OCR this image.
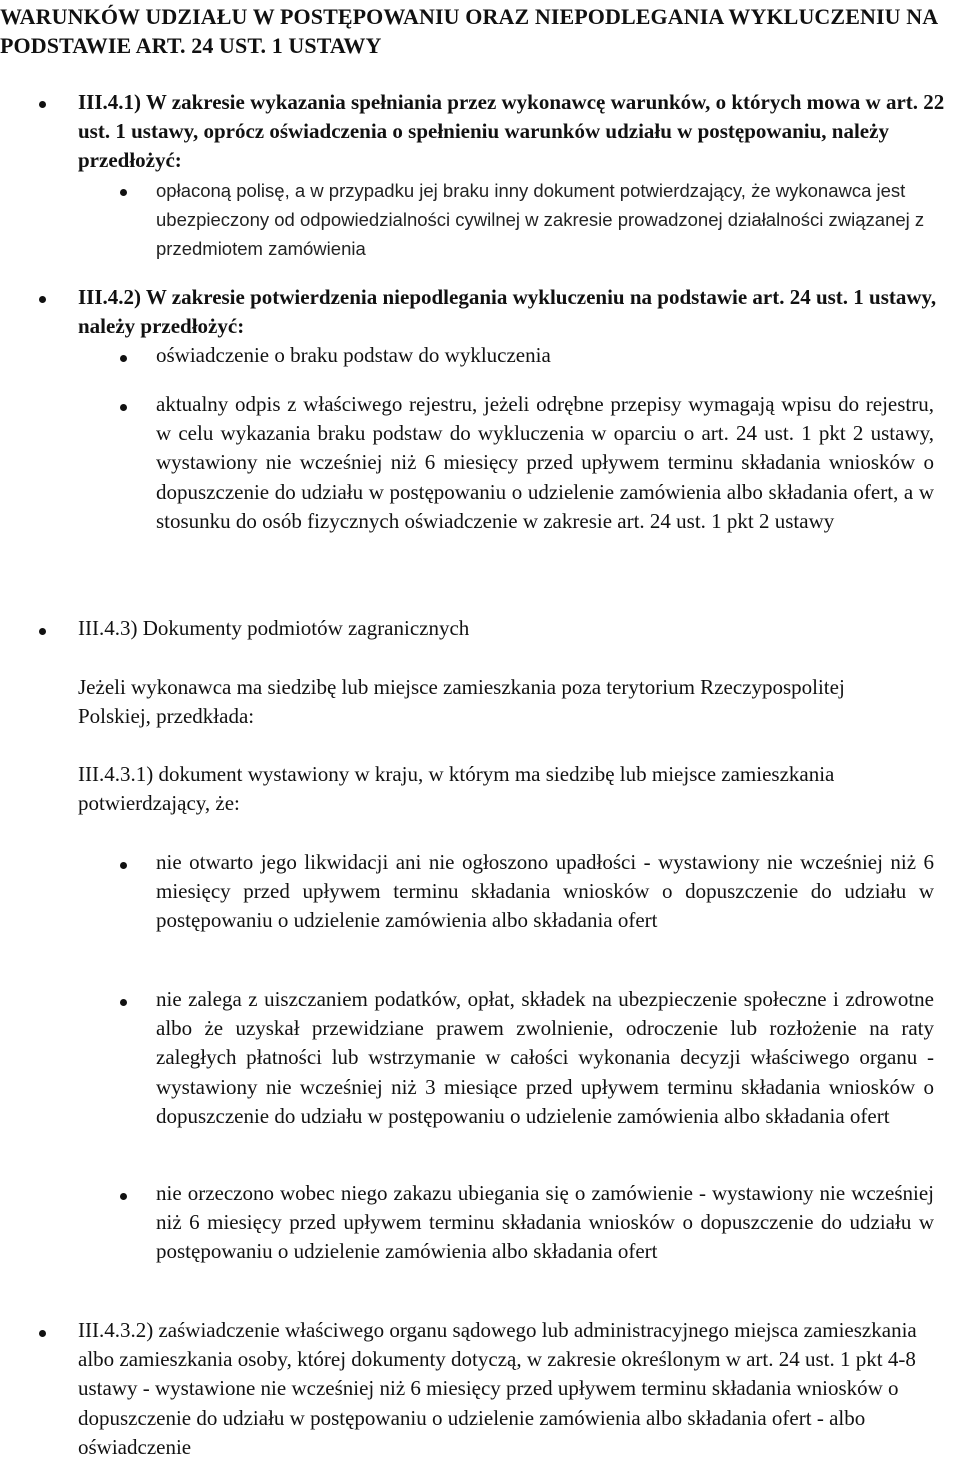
WARUNKÓW UDZIAŁU W POSTĘPOWANIU ORAZ NIEPODLEGANIA WYKLUCZENIU NA PODSTAWIE ART. 24 UST. 1 USTAWY
III.4.1) W zakresie wykazania spełniania przez wykonawcę warunków, o których mowa w art. 22 ust. 1 ustawy, oprócz oświadczenia o spełnieniu warunków udziału w postępowaniu, należy przedłożyć:
opłaconą polisę, a w przypadku jej braku inny dokument potwierdzający, że wykonawca jest ubezpieczony od odpowiedzialności cywilnej w zakresie prowadzonej działalności związanej z przedmiotem zamówienia
III.4.2) W zakresie potwierdzenia niepodlegania wykluczeniu na podstawie art. 24 ust. 1 ustawy, należy przedłożyć:
oświadczenie o braku podstaw do wykluczenia
aktualny odpis z właściwego rejestru, jeżeli odrębne przepisy wymagają wpisu do rejestru, w celu wykazania braku podstaw do wykluczenia w oparciu o art. 24 ust. 1 pkt 2 ustawy, wystawiony nie wcześniej niż 6 miesięcy przed upływem terminu składania wniosków o dopuszczenie do udziału w postępowaniu o udzielenie zamówienia albo składania ofert, a w stosunku do osób fizycznych oświadczenie w zakresie art. 24 ust. 1 pkt 2 ustawy
III.4.3) Dokumenty podmiotów zagranicznych
Jeżeli wykonawca ma siedzibę lub miejsce zamieszkania poza terytorium Rzeczypospolitej Polskiej, przedkłada:
III.4.3.1) dokument wystawiony w kraju, w którym ma siedzibę lub miejsce zamieszkania potwierdzający, że:
nie otwarto jego likwidacji ani nie ogłoszono upadłości - wystawiony nie wcześniej niż 6 miesięcy przed upływem terminu składania wniosków o dopuszczenie do udziału w postępowaniu o udzielenie zamówienia albo składania ofert
nie zalega z uiszczaniem podatków, opłat, składek na ubezpieczenie społeczne i zdrowotne albo że uzyskał przewidziane prawem zwolnienie, odroczenie lub rozłożenie na raty zaległych płatności lub wstrzymanie w całości wykonania decyzji właściwego organu - wystawiony nie wcześniej niż 3 miesiące przed upływem terminu składania wniosków o dopuszczenie do udziału w postępowaniu o udzielenie zamówienia albo składania ofert
nie orzeczono wobec niego zakazu ubiegania się o zamówienie - wystawiony nie wcześniej niż 6 miesięcy przed upływem terminu składania wniosków o dopuszczenie do udziału w postępowaniu o udzielenie zamówienia albo składania ofert
III.4.3.2) zaświadczenie właściwego organu sądowego lub administracyjnego miejsca zamieszkania albo zamieszkania osoby, której dokumenty dotyczą, w zakresie określonym w art. 24 ust. 1 pkt 4-8 ustawy - wystawione nie wcześniej niż 6 miesięcy przed upływem terminu składania wniosków o dopuszczenie do udziału w postępowaniu o udzielenie zamówienia albo składania ofert - albo oświadczenie
